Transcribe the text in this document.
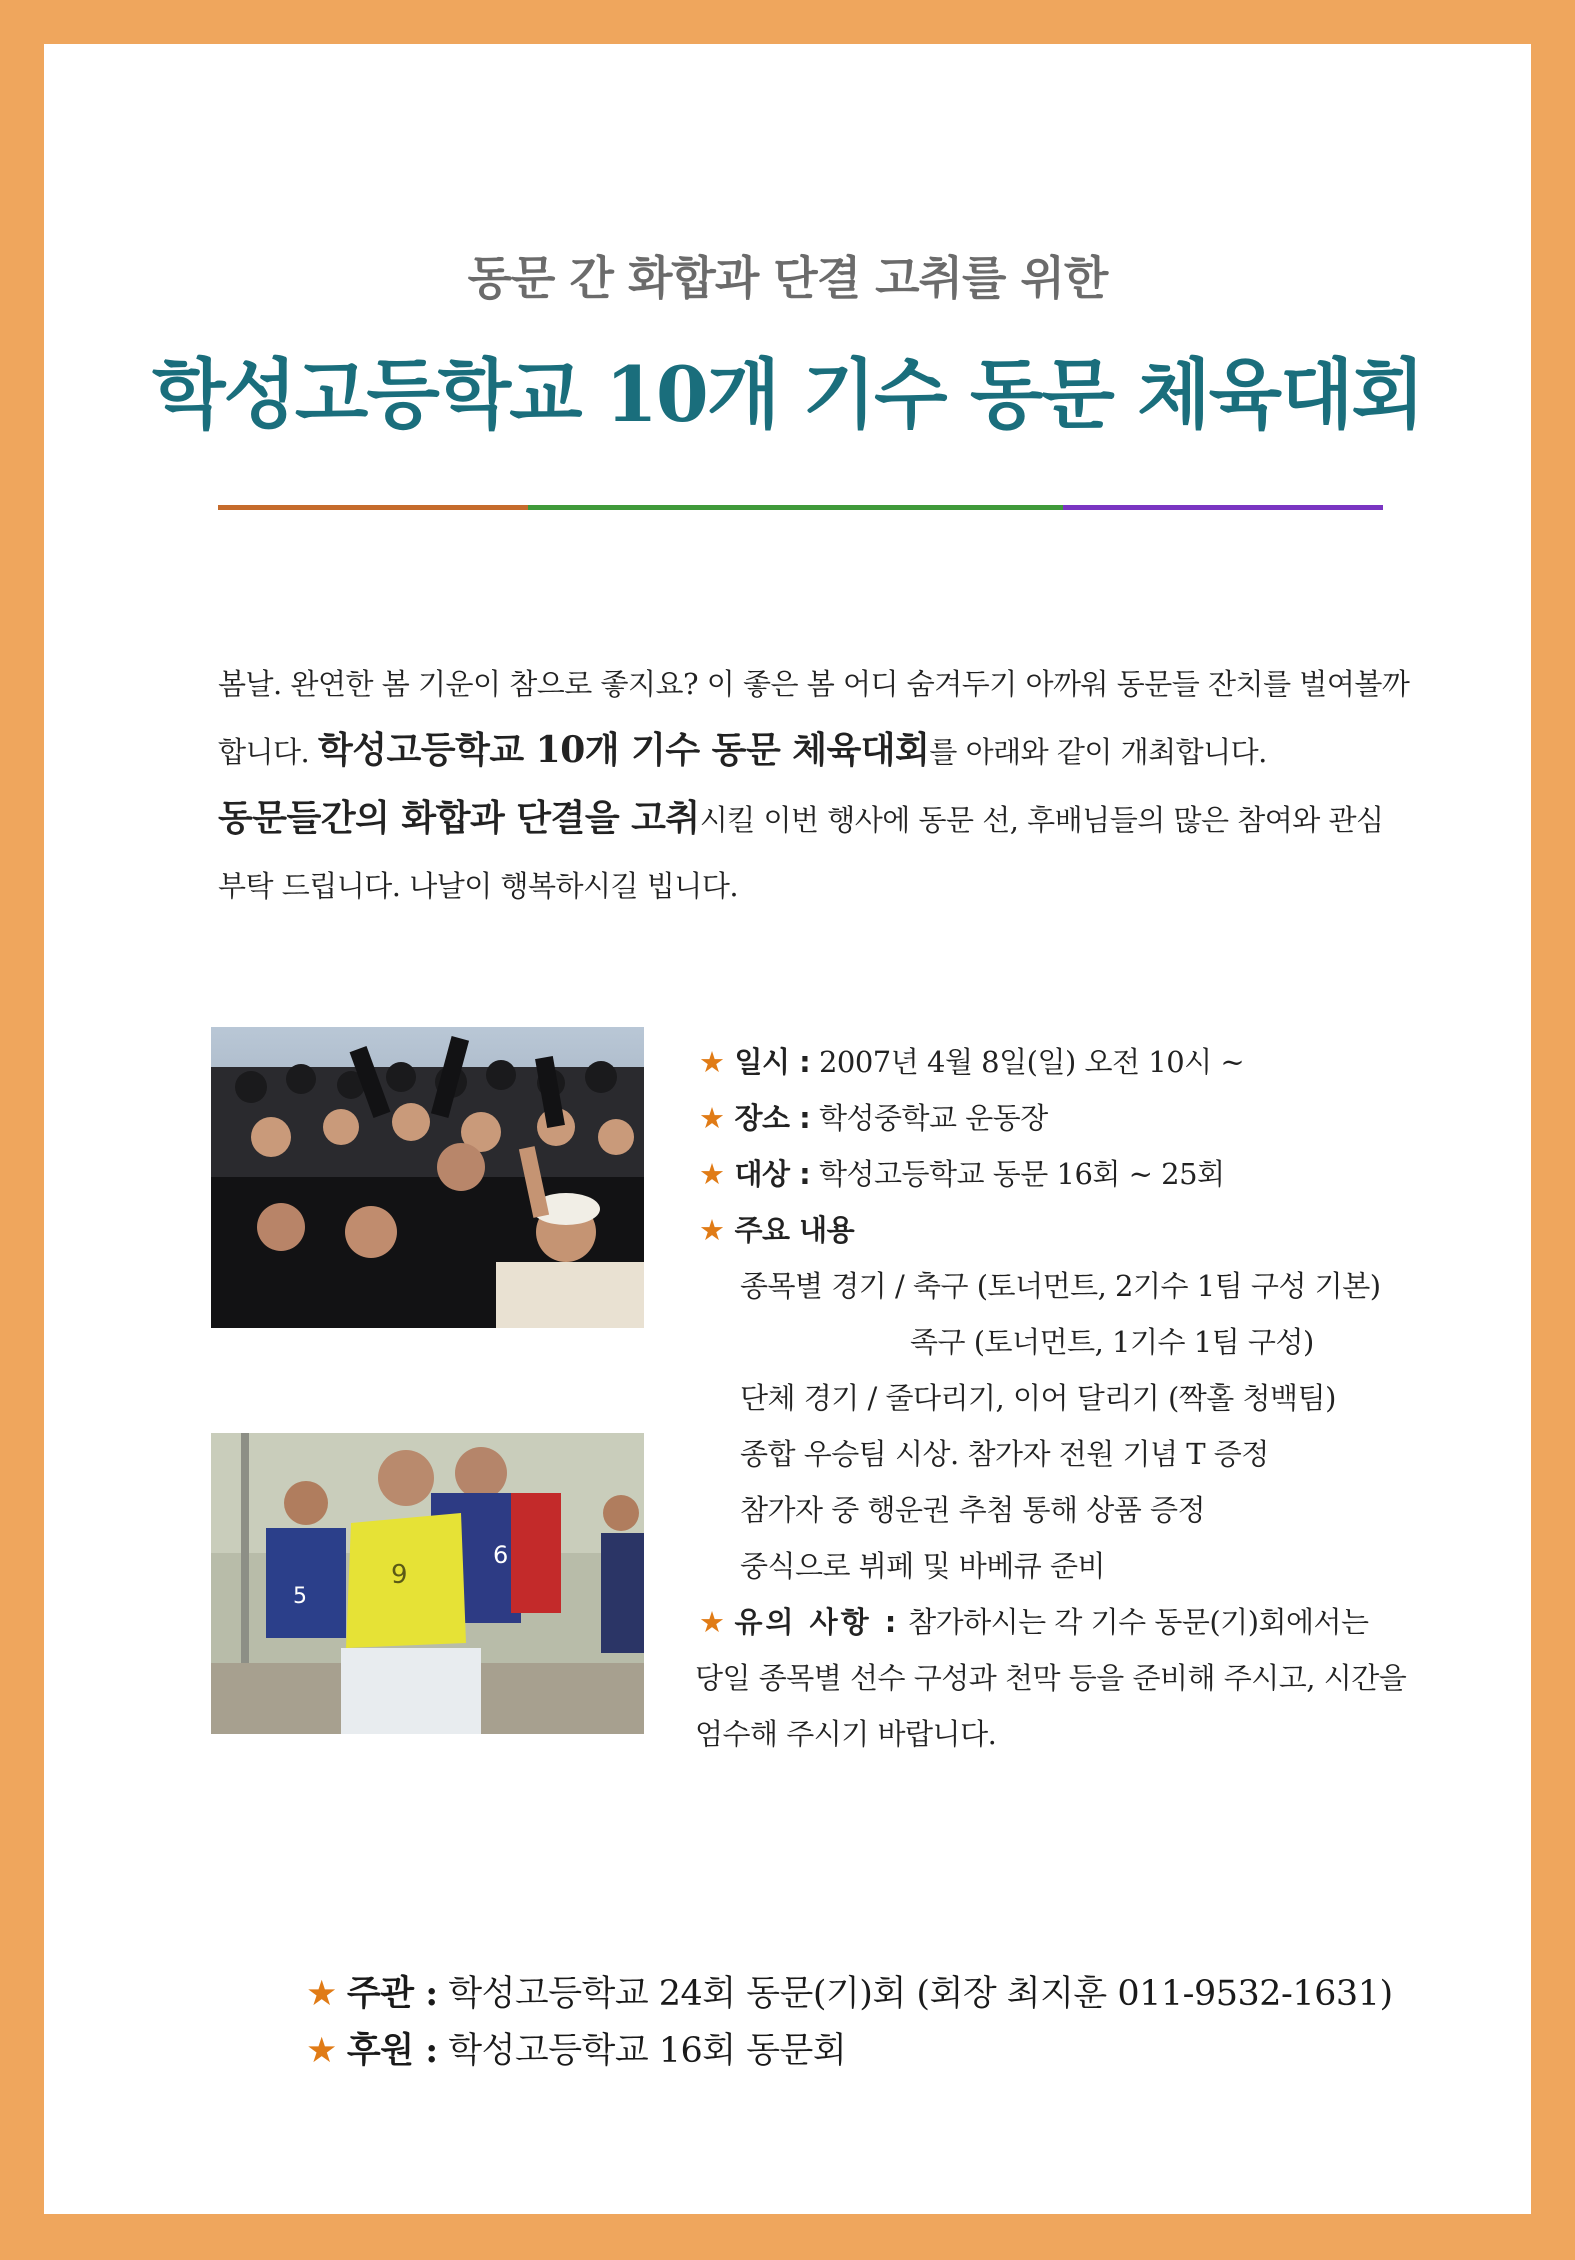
동문 간 화합과 단결 고취를 위한
학성고등학교 10개 기수 동문 체육대회
봄날. 완연한 봄 기운이 참으로 좋지요? 이 좋은 봄 어디 숨겨두기 아까워 동문들 잔치를 벌여볼까
합니다. 학성고등학교 10개 기수 동문 체육대회를 아래와 같이 개최합니다.
동문들간의 화합과 단결을 고취시킬 이번 행사에 동문 선, 후배님들의 많은 참여와 관심
부탁 드립니다. 나날이 행복하시길 빕니다.
5
6
9
★ 일시 : 2007년 4월 8일(일) 오전 10시 ~
★ 장소 : 학성중학교 운동장
★ 대상 : 학성고등학교 동문 16회 ~ 25회
★ 주요 내용
종목별 경기 / 축구 (토너먼트, 2기수 1팀 구성 기본)
족구 (토너먼트, 1기수 1팀 구성)
단체 경기 / 줄다리기, 이어 달리기 (짝홀 청백팀)
종합 우승팀 시상. 참가자 전원 기념 T 증정
참가자 중 행운권 추첨 통해 상품 증정
중식으로 뷔페 및 바베큐 준비
★ 유의 사항 : 참가하시는 각 기수 동문(기)회에서는
당일 종목별 선수 구성과 천막 등을 준비해 주시고, 시간을
엄수해 주시기 바랍니다.
★ 주관 : 학성고등학교 24회 동문(기)회 (회장 최지훈 011-9532-1631)
★ 후원 : 학성고등학교 16회 동문회
